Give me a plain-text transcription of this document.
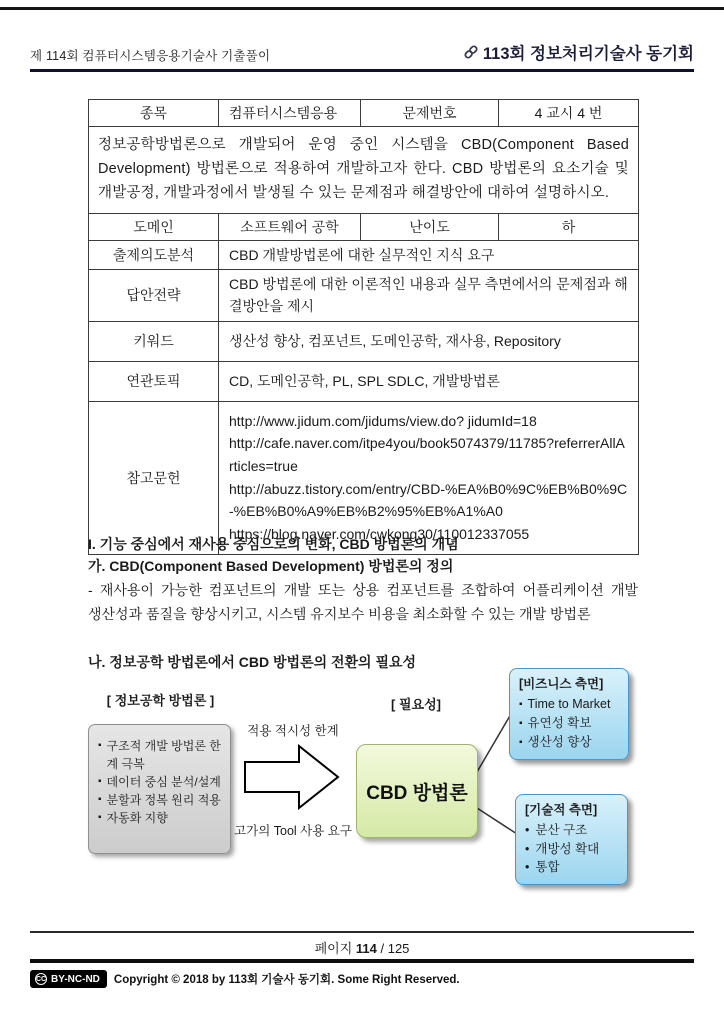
제 114회 컴퓨터시스템응용기술사 기출풀이	113회 정보처리기술사 동기회
종목	컴퓨터시스템응용	문제번호	4 교시 4 번
정보공학방법론으로 개발되어 운영 중인 시스템을 CBD(Component Based Development) 방법론으로 적용하여 개발하고자 한다. CBD 방법론의 요소기술 및 개발공정, 개발과정에서 발생될 수 있는 문제점과 해결방안에 대하여 설명하시오.			
도메인	소프트웨어 공학	난이도	하
출제의도분석	CBD 개발방법론에 대한 실무적인 지식 요구		
답안전략	CBD 방법론에 대한 이론적인 내용과 실무 측면에서의 문제점과 해결방안을 제시		
키워드	생산성 향상, 컴포넌트, 도메인공학, 재사용, Repository		
연관토픽	CD, 도메인공학, PL, SPL SDLC, 개발방법론		
참고문헌	http://www.jidum.com/jidums/view.do? jidumId=18
http://cafe.naver.com/itpe4you/book5074379/11785?referrerAllArticles=true
http://abuzz.tistory.com/entry/CBD-%EA%B0%9C%EB%B0%9C-%EB%B0%A9%EB%B2%95%EB%A1%A0
https://blog.naver.com/cwkong30/110012337055		
I. 기능 중심에서 재사용 중심으로의 변화, CBD 방법론의 개념
가. CBD(Component Based Development) 방법론의 정의

- 재사용이 가능한 컴포넌트의 개발 또는 상용 컴포넌트를 조합하여 어플리케이션 개발 생산성과 품질을 향상시키고, 시스템 유지보수 비용을 최소화할 수 있는 개발 방법론

나. 정보공학 방법론에서 CBD 방법론의 전환의 필요성
[ 정보공학 방법론 ]
▪ 구조적 개발 방법론 한계 극복
▪ 데이터 중심 분석/설계
▪ 분할과 정복 원리 적용
▪ 자동화 지향
적용 적시성 한계
고가의 Tool 사용 요구
[ 필요성]
CBD 방법론
[비즈니스 측면]
▪ Time to Market
▪ 유연성 확보
▪ 생산성 향상
[기술적 측면]
• 분산 구조
• 개방성 확대
• 통합
페이지 114 / 125
CC BY-NC-ND Copyright © 2018 by 113회 기술사 동기회. Some Right Reserved.
